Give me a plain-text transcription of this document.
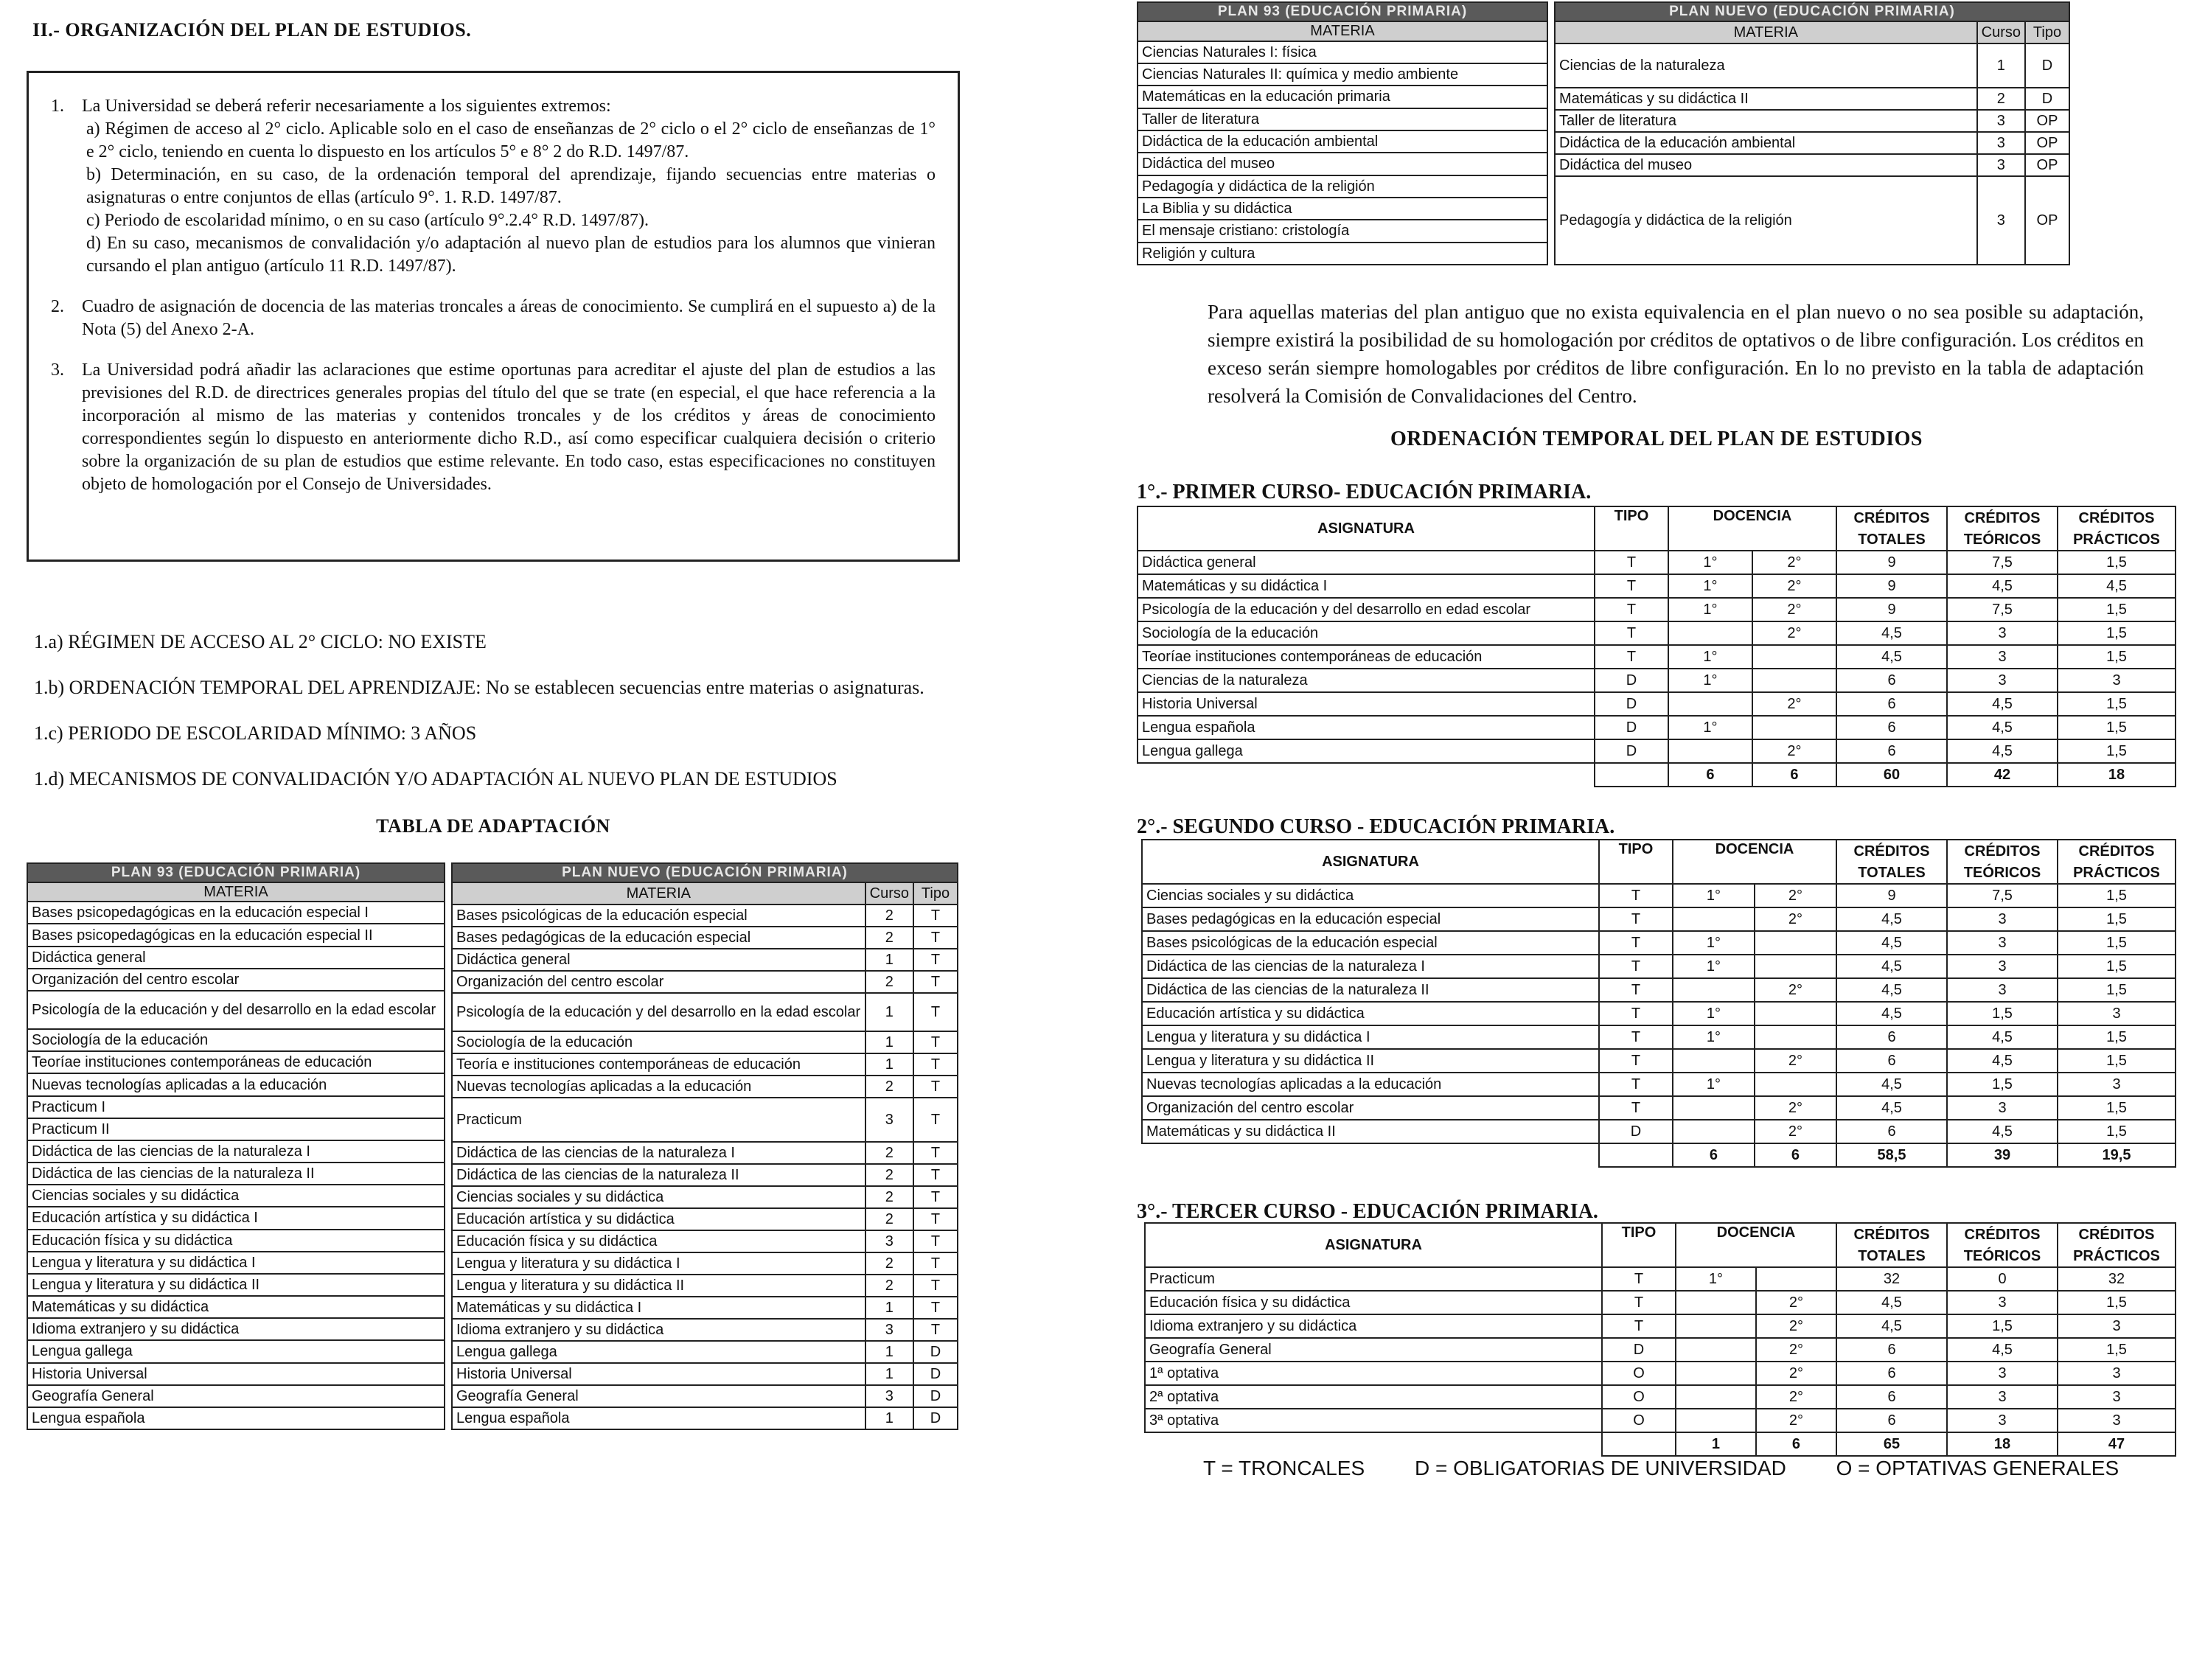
II.- ORGANIZACIÓN DEL PLAN DE ESTUDIOS.
1. La Universidad se deberá referir necesariamente a los siguientes extremos:
a) Régimen de acceso al 2° ciclo. Aplicable solo en el caso de enseñanzas de 2° ciclo o el 2° ciclo de enseñanzas de 1° e 2° ciclo, teniendo en cuenta lo dispuesto en los artículos 5° e 8° 2 do R.D. 1497/87.
b) Determinación, en su caso, de la ordenación temporal del aprendizaje, fijando secuencias entre materias o asignaturas o entre conjuntos de ellas (artículo 9°. 1. R.D. 1497/87.
c) Periodo de escolaridad mínimo, o en su caso (artículo 9°.2.4° R.D. 1497/87).
d) En su caso, mecanismos de convalidación y/o adaptación al nuevo plan de estudios para los alumnos que vinieran cursando el plan antiguo (artículo 11 R.D. 1497/87).
2. Cuadro de asignación de docencia de las materias troncales a áreas de conocimiento. Se cumplirá en el supuesto a) de la Nota (5) del Anexo 2-A.
3. La Universidad podrá añadir las aclaraciones que estime oportunas para acreditar el ajuste del plan de estudios a las previsiones del R.D. de directrices generales propias del título del que se trate (en especial, el que hace referencia a la incorporación al mismo de las materias y contenidos troncales y de los créditos y áreas de conocimiento correspondientes según lo dispuesto en anteriormente dicho R.D., así como especificar cualquiera decisión o criterio sobre la organización de su plan de estudios que estime relevante. En todo caso, estas especificaciones no constituyen objeto de homologación por el Consejo de Universidades.
1.a) RÉGIMEN DE ACCESO AL 2° CICLO: NO EXISTE
1.b) ORDENACIÓN TEMPORAL DEL APRENDIZAJE: No se establecen secuencias entre materias o asignaturas.
1.c) PERIODO DE ESCOLARIDAD MÍNIMO: 3 AÑOS
1.d) MECANISMOS DE CONVALIDACIÓN Y/O ADAPTACIÓN AL NUEVO PLAN DE ESTUDIOS
TABLA DE ADAPTACIÓN
PLAN 93 (EDUCACIÓN PRIMARIA)
MATERIA
Bases psicopedagógicas en la educación especial I
Bases psicopedagógicas en la educación especial II
Didáctica general
Organización del centro escolar
Psicología de la educación y del desarrollo en la edad escolar
Sociología de la educación
Teoríae instituciones contemporáneas de educación
Nuevas tecnologías aplicadas a la educación
Practicum I
Practicum II
Didáctica de las ciencias de la naturaleza I
Didáctica de las ciencias de la naturaleza II
Ciencias sociales y su didáctica
Educación artística y su didáctica I
Educación física y su didáctica
Lengua y literatura y su didáctica I
Lengua y literatura y su didáctica II
Matemáticas y su didáctica
Idioma extranjero y su didáctica
Lengua gallega
Historia Universal
Geografía General
Lengua española
PLAN NUEVO (EDUCACIÓN PRIMARIA)		
MATERIA	Curso	Tipo
Bases psicológicas de la educación especial	2	T
Bases pedagógicas de la educación especial	2	T
Didáctica general	1	T
Organización del centro escolar	2	T
Psicología de la educación y del desarrollo en la edad escolar	1	T
Sociología de la educación	1	T
Teoría e instituciones contemporáneas de educación	1	T
Nuevas tecnologías aplicadas a la educación	2	T
Practicum	3	T
Didáctica de las ciencias de la naturaleza I	2	T
Didáctica de las ciencias de la naturaleza II	2	T
Ciencias sociales y su didáctica	2	T
Educación artística y su didáctica	2	T
Educación física y su didáctica	3	T
Lengua y literatura y su didáctica I	2	T
Lengua y literatura y su didáctica II	2	T
Matemáticas y su didáctica I	1	T
Idioma extranjero y su didáctica	3	T
Lengua gallega	1	D
Historia Universal	1	D
Geografía General	3	D
Lengua española	1	D
PLAN 93 (EDUCACIÓN PRIMARIA)
MATERIA
Ciencias Naturales I: física
Ciencias Naturales II: química y medio ambiente
Matemáticas en la educación primaria
Taller de literatura
Didáctica de la educación ambiental
Didáctica del museo
Pedagogía y didáctica de la religión
La Biblia y su didáctica
El mensaje cristiano: cristología
Religión y cultura
PLAN NUEVO (EDUCACIÓN PRIMARIA)		
MATERIA	Curso	Tipo
Ciencias de la naturaleza	1	D
Matemáticas y su didáctica II	2	D
Taller de literatura	3	OP
Didáctica de la educación ambiental	3	OP
Didáctica del museo	3	OP
Pedagogía y didáctica de la religión	3	OP
Para aquellas materias del plan antiguo que no exista equivalencia en el plan nuevo o no sea posible su adaptación, siempre existirá la posibilidad de su homologación por créditos de optativos o de libre configuración. Los créditos en exceso serán siempre homologables por créditos de libre configuración. En lo no previsto en la tabla de adaptación resolverá la Comisión de Convalidaciones del Centro.
ORDENACIÓN TEMPORAL DEL PLAN DE ESTUDIOS
1°.- PRIMER CURSO- EDUCACIÓN PRIMARIA.
ASIGNATURA	TIPO	DOCENCIA		CRÉDITOS	CRÉDITOS	CRÉDITOS
				TOTALES	TEÓRICOS	PRÁCTICOS
Didáctica general	T	1°	2°	9	7,5	1,5
Matemáticas y su didáctica I	T	1°	2°	9	4,5	4,5
Psicología de la educación y del desarrollo en edad escolar	T	1°	2°	9	7,5	1,5
Sociología de la educación	T		2°	4,5	3	1,5
Teoríae instituciones contemporáneas de educación	T	1°		4,5	3	1,5
Ciencias de la naturaleza	D	1°		6	3	3
Historia Universal	D		2°	6	4,5	1,5
Lengua española	D	1°		6	4,5	1,5
Lengua gallega	D		2°	6	4,5	1,5
		6	6	60	42	18
2°.- SEGUNDO CURSO - EDUCACIÓN PRIMARIA.
ASIGNATURA	TIPO	DOCENCIA		CRÉDITOS	CRÉDITOS	CRÉDITOS
				TOTALES	TEÓRICOS	PRÁCTICOS
Ciencias sociales y su didáctica	T	1°	2°	9	7,5	1,5
Bases pedagógicas en la educación especial	T		2°	4,5	3	1,5
Bases psicológicas de la educación especial	T	1°		4,5	3	1,5
Didáctica de las ciencias de la naturaleza I	T	1°		4,5	3	1,5
Didáctica de las ciencias de la naturaleza II	T		2°	4,5	3	1,5
Educación artística y su didáctica	T	1°		4,5	1,5	3
Lengua y literatura y su didáctica I	T	1°		6	4,5	1,5
Lengua y literatura y su didáctica II	T		2°	6	4,5	1,5
Nuevas tecnologías aplicadas a la educación	T	1°		4,5	1,5	3
Organización del centro escolar	T		2°	4,5	3	1,5
Matemáticas y su didáctica II	D		2°	6	4,5	1,5
		6	6	58,5	39	19,5
3°.- TERCER CURSO - EDUCACIÓN PRIMARIA.
ASIGNATURA	TIPO	DOCENCIA		CRÉDITOS	CRÉDITOS	CRÉDITOS
				TOTALES	TEÓRICOS	PRÁCTICOS
Practicum	T	1°		32	0	32
Educación física y su didáctica	T		2°	4,5	3	1,5
Idioma extranjero y su didáctica	T		2°	4,5	1,5	3
Geografía General	D		2°	6	4,5	1,5
1ª optativa	O		2°	6	3	3
2ª optativa	O		2°	6	3	3
3ª optativa	O		2°	6	3	3
		1	6	65	18	47
T = TRONCALES D = OBLIGATORIAS DE UNIVERSIDAD O = OPTATIVAS GENERALES
